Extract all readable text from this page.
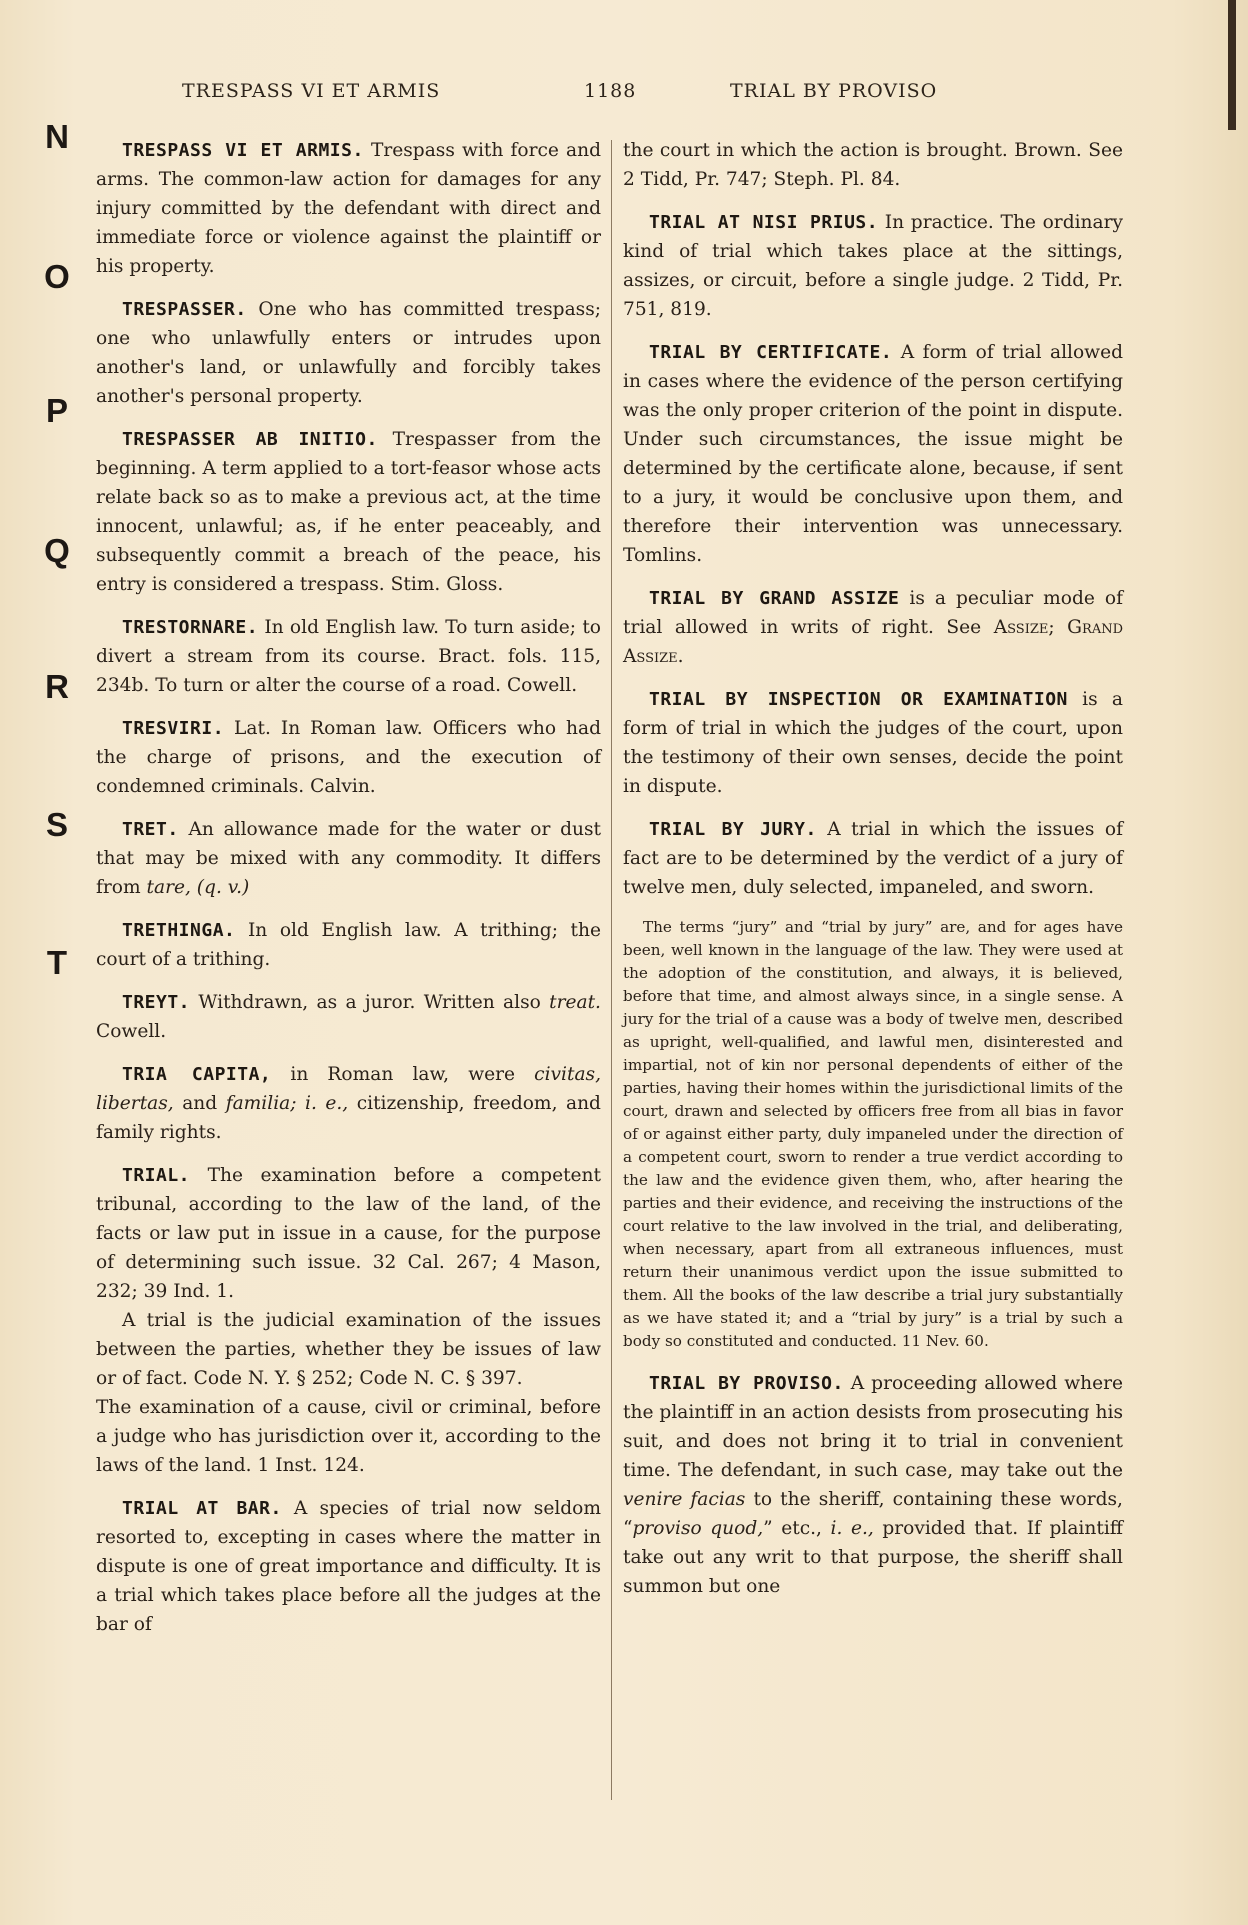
TRESPASS VI ET ARMIS	1188	TRIAL BY PROVISO
N
O
P
Q
R
S
T

TRESPASS VI ET ARMIS. Trespass with force and arms. The common-law action for damages for any injury committed by the defendant with direct and immediate force or violence against the plaintiff or his property.

TRESPASSER. One who has committed trespass; one who unlawfully enters or intrudes upon another's land, or unlawfully and forcibly takes another's personal property.

TRESPASSER AB INITIO. Trespasser from the beginning. A term applied to a tort-feasor whose acts relate back so as to make a previous act, at the time innocent, unlawful; as, if he enter peaceably, and subsequently commit a breach of the peace, his entry is considered a trespass. Stim. Gloss.

TRESTORNARE. In old English law. To turn aside; to divert a stream from its course. Bract. fols. 115, 234b. To turn or alter the course of a road. Cowell.

TRESVIRI. Lat. In Roman law. Officers who had the charge of prisons, and the execution of condemned criminals. Calvin.

TRET. An allowance made for the water or dust that may be mixed with any commodity. It differs from tare, (q. v.)

TRETHINGA. In old English law. A trithing; the court of a trithing.

TREYT. Withdrawn, as a juror. Written also treat. Cowell.

TRIA CAPITA, in Roman law, were civitas, libertas, and familia; i. e., citizenship, freedom, and family rights.

TRIAL. The examination before a competent tribunal, according to the law of the land, of the facts or law put in issue in a cause, for the purpose of determining such issue. 32 Cal. 267; 4 Mason, 232; 39 Ind. 1.

A trial is the judicial examination of the issues between the parties, whether they be issues of law or of fact. Code N. Y. § 252; Code N. C. § 397.

The examination of a cause, civil or criminal, before a judge who has jurisdiction over it, according to the laws of the land. 1 Inst. 124.

TRIAL AT BAR. A species of trial now seldom resorted to, excepting in cases where the matter in dispute is one of great importance and difficulty. It is a trial which takes place before all the judges at the bar of

the court in which the action is brought. Brown. See 2 Tidd, Pr. 747; Steph. Pl. 84.

TRIAL AT NISI PRIUS. In practice. The ordinary kind of trial which takes place at the sittings, assizes, or circuit, before a single judge. 2 Tidd, Pr. 751, 819.

TRIAL BY CERTIFICATE. A form of trial allowed in cases where the evidence of the person certifying was the only proper criterion of the point in dispute. Under such circumstances, the issue might be determined by the certificate alone, because, if sent to a jury, it would be conclusive upon them, and therefore their intervention was unnecessary. Tomlins.

TRIAL BY GRAND ASSIZE is a peculiar mode of trial allowed in writs of right. See Assize; Grand Assize.

TRIAL BY INSPECTION OR EXAMINATION is a form of trial in which the judges of the court, upon the testimony of their own senses, decide the point in dispute.

TRIAL BY JURY. A trial in which the issues of fact are to be determined by the verdict of a jury of twelve men, duly selected, impaneled, and sworn.

The terms “jury” and “trial by jury” are, and for ages have been, well known in the language of the law. They were used at the adoption of the constitution, and always, it is believed, before that time, and almost always since, in a single sense. A jury for the trial of a cause was a body of twelve men, described as upright, well-qualified, and lawful men, disinterested and impartial, not of kin nor personal dependents of either of the parties, having their homes within the jurisdictional limits of the court, drawn and selected by officers free from all bias in favor of or against either party, duly impaneled under the direction of a competent court, sworn to render a true verdict according to the law and the evidence given them, who, after hearing the parties and their evidence, and receiving the instructions of the court relative to the law involved in the trial, and deliberating, when necessary, apart from all extraneous influences, must return their unanimous verdict upon the issue submitted to them. All the books of the law describe a trial jury substantially as we have stated it; and a “trial by jury” is a trial by such a body so constituted and conducted. 11 Nev. 60.

TRIAL BY PROVISO. A proceeding allowed where the plaintiff in an action desists from prosecuting his suit, and does not bring it to trial in convenient time. The defendant, in such case, may take out the venire facias to the sheriff, containing these words, “proviso quod,” etc., i. e., provided that. If plaintiff take out any writ to that purpose, the sheriff shall summon but one
